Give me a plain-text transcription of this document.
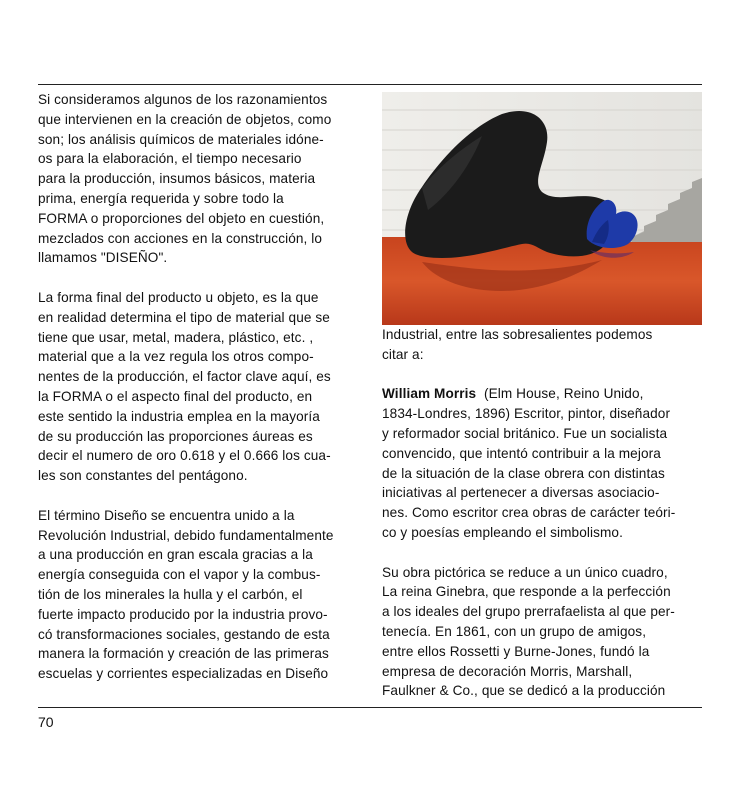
Si consideramos algunos de los razonamientos
que intervienen en la creación de objetos, como
son; los análisis químicos de materiales idóne-
os para la elaboración, el tiempo necesario
para la producción, insumos básicos, materia
prima, energía requerida y sobre todo la
FORMA o proporciones del objeto en cuestión,
mezclados con acciones en la construcción, lo
llamamos "DISEÑO".

La forma final del producto u objeto, es la que
en realidad determina el tipo de material que se
tiene que usar, metal, madera, plástico, etc. ,
material que a la vez regula los otros compo-
nentes de la producción, el factor clave aquí, es
la FORMA o el aspecto final del producto, en
este sentido la industria emplea en la mayoría
de su producción las proporciones áureas es
decir el numero de oro 0.618 y el 0.666 los cua-
les son constantes del pentágono.

El término Diseño se encuentra unido a la
Revolución Industrial, debido fundamentalmente
a una producción en gran escala gracias a la
energía conseguida con el vapor y la combus-
tión de los minerales la hulla y el carbón, el
fuerte impacto producido por la industria provo-
có transformaciones sociales, gestando de esta
manera la formación y creación de las primeras
escuelas y corrientes especializadas en Diseño

Industrial, entre las sobresalientes podemos
citar a:

William Morris  (Elm House, Reino Unido,
1834-Londres, 1896) Escritor, pintor, diseñador
y reformador social británico. Fue un socialista
convencido, que intentó contribuir a la mejora
de la situación de la clase obrera con distintas
iniciativas al pertenecer a diversas asociacio-
nes. Como escritor crea obras de carácter teóri-
co y poesías empleando el simbolismo.

Su obra pictórica se reduce a un único cuadro,
La reina Ginebra, que responde a la perfección
a los ideales del grupo prerrafaelista al que per-
tenecía. En 1861, con un grupo de amigos,
entre ellos Rossetti y Burne-Jones, fundó la
empresa de decoración Morris, Marshall,
Faulkner & Co., que se dedicó a la producción

70
